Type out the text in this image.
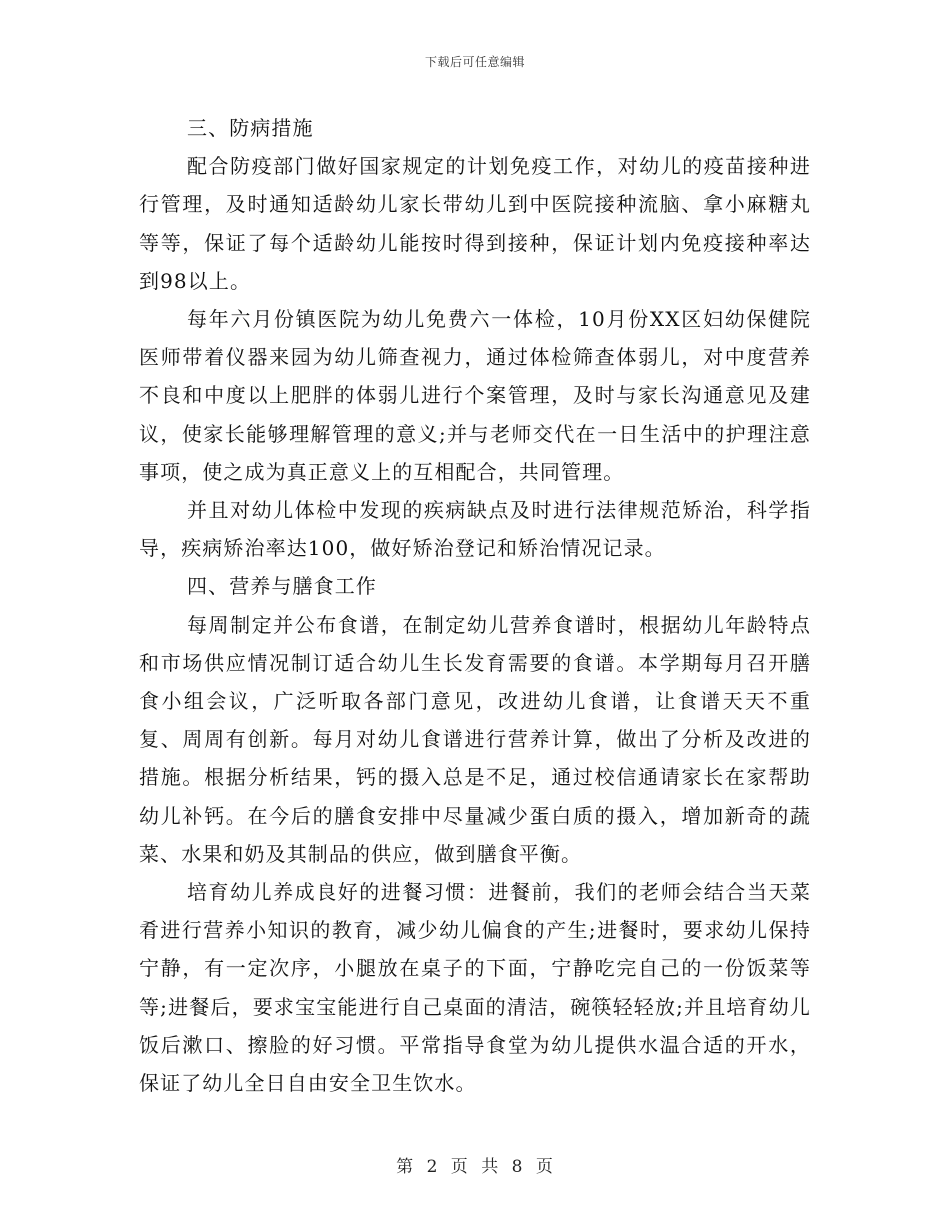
下载后可任意编辑

三、防病措施

配合防疫部门做好国家规定的计划免疫工作，对幼儿的疫苗接种进行管理，及时通知适龄幼儿家长带幼儿到中医院接种流脑、拿小麻糖丸等等，保证了每个适龄幼儿能按时得到接种，保证计划内免疫接种率达到98以上。

每年六月份镇医院为幼儿免费六一体检，10月份XX区妇幼保健院医师带着仪器来园为幼儿筛查视力，通过体检筛查体弱儿，对中度营养不良和中度以上肥胖的体弱儿进行个案管理，及时与家长沟通意见及建议，使家长能够理解管理的意义;并与老师交代在一日生活中的护理注意事项，使之成为真正意义上的互相配合，共同管理。

并且对幼儿体检中发现的疾病缺点及时进行法律规范矫治，科学指导，疾病矫治率达100，做好矫治登记和矫治情况记录。

四、营养与膳食工作

每周制定并公布食谱，在制定幼儿营养食谱时，根据幼儿年龄特点和市场供应情况制订适合幼儿生长发育需要的食谱。本学期每月召开膳食小组会议，广泛听取各部门意见，改进幼儿食谱，让食谱天天不重复、周周有创新。每月对幼儿食谱进行营养计算，做出了分析及改进的措施。根据分析结果，钙的摄入总是不足，通过校信通请家长在家帮助幼儿补钙。在今后的膳食安排中尽量减少蛋白质的摄入，增加新奇的蔬菜、水果和奶及其制品的供应，做到膳食平衡。

培育幼儿养成良好的进餐习惯：进餐前，我们的老师会结合当天菜肴进行营养小知识的教育，减少幼儿偏食的产生;进餐时，要求幼儿保持宁静，有一定次序，小腿放在桌子的下面，宁静吃完自己的一份饭菜等等;进餐后，要求宝宝能进行自己桌面的清洁，碗筷轻轻放;并且培育幼儿饭后漱口、擦脸的好习惯。平常指导食堂为幼儿提供水温合适的开水，保证了幼儿全日自由安全卫生饮水。

第 2 页 共 8 页
